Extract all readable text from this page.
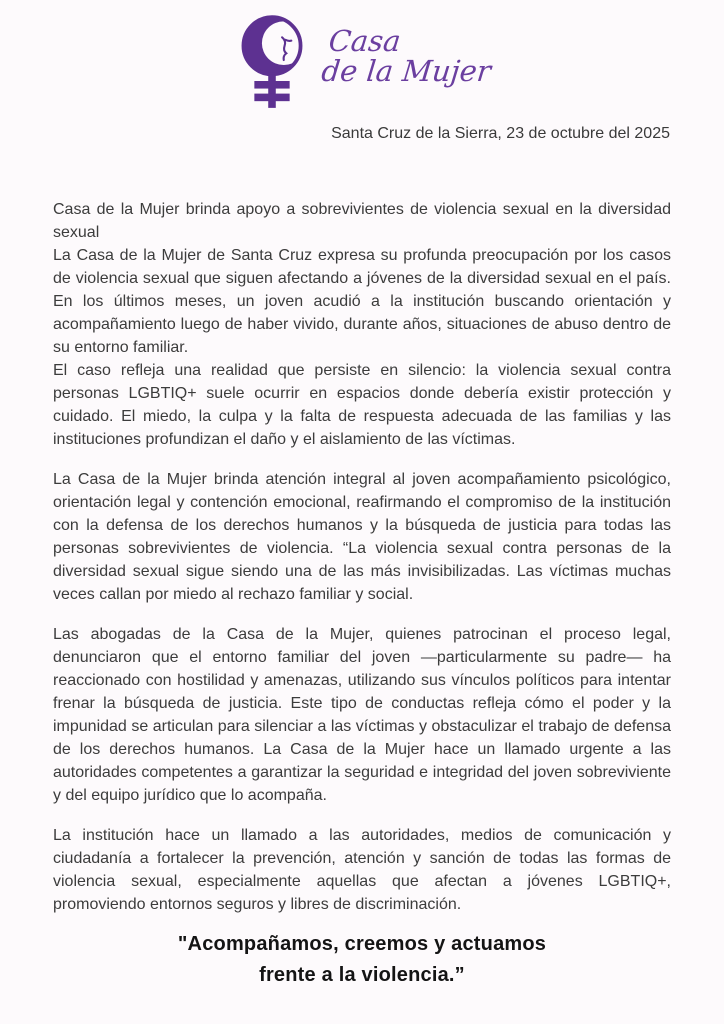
Casa
de la Mujer
Santa Cruz de la Sierra, 23 de octubre del 2025

Casa de la Mujer brinda apoyo a sobrevivientes de violencia sexual en la diversidad sexual

La Casa de la Mujer de Santa Cruz expresa su profunda preocupación por los casos de violencia sexual que siguen afectando a jóvenes de la diversidad sexual en el país. En los últimos meses, un joven acudió a la institución buscando orientación y acompañamiento luego de haber vivido, durante años, situaciones de abuso dentro de su entorno familiar.

El caso refleja una realidad que persiste en silencio: la violencia sexual contra personas LGBTIQ+ suele ocurrir en espacios donde debería existir protección y cuidado. El miedo, la culpa y la falta de respuesta adecuada de las familias y las instituciones profundizan el daño y el aislamiento de las víctimas.

La Casa de la Mujer brinda atención integral al joven acompañamiento psicológico, orientación legal y contención emocional, reafirmando el compromiso de la institución con la defensa de los derechos humanos y la búsqueda de justicia para todas las personas sobrevivientes de violencia. “La violencia sexual contra personas de la diversidad sexual sigue siendo una de las más invisibilizadas. Las víctimas muchas veces callan por miedo al rechazo familiar y social.

Las abogadas de la Casa de la Mujer, quienes patrocinan el proceso legal, denunciaron que el entorno familiar del joven —particularmente su padre— ha reaccionado con hostilidad y amenazas, utilizando sus vínculos políticos para intentar frenar la búsqueda de justicia. Este tipo de conductas refleja cómo el poder y la impunidad se articulan para silenciar a las víctimas y obstaculizar el trabajo de defensa de los derechos humanos. La Casa de la Mujer hace un llamado urgente a las autoridades competentes a garantizar la seguridad e integridad del joven sobreviviente y del equipo jurídico que lo acompaña.

La institución hace un llamado a las autoridades, medios de comunicación y ciudadanía a fortalecer la prevención, atención y sanción de todas las formas de violencia sexual, especialmente aquellas que afectan a jóvenes LGBTIQ+, promoviendo entornos seguros y libres de discriminación.

"Acompañamos, creemos y actuamos
frente a la violencia.”
